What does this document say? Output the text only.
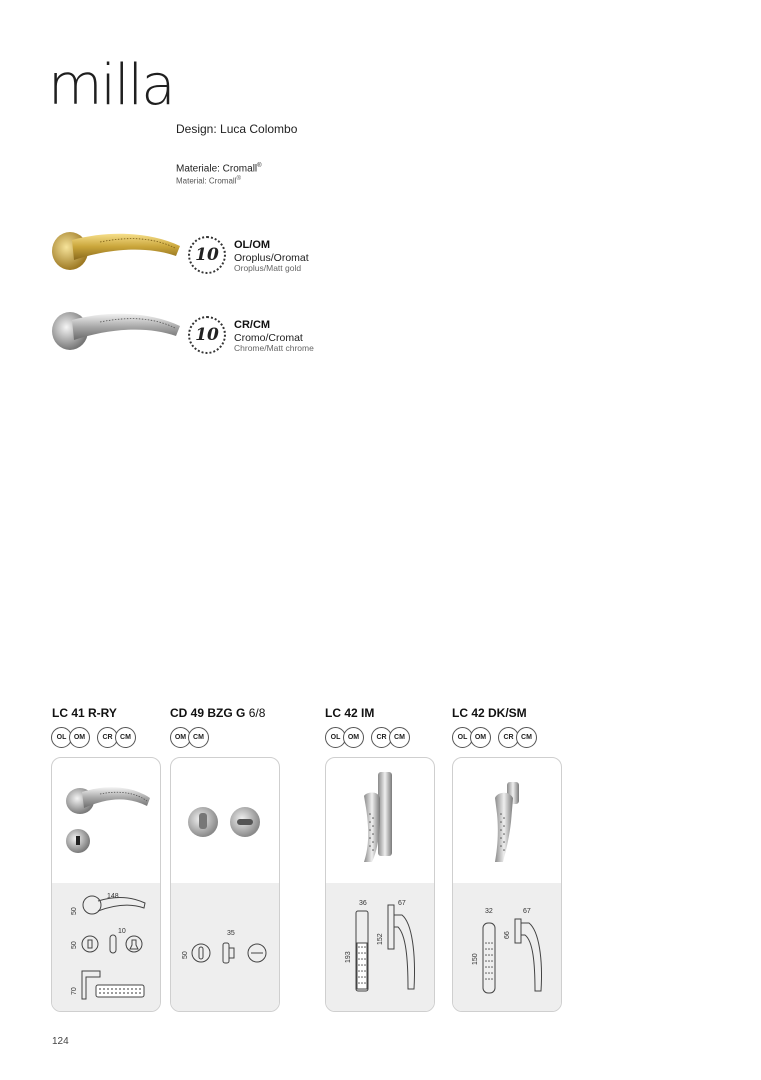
milla
Design: Luca Colombo
Materiale: Cromall®
Material: Cromall®
10 OL/OM
Oroplus/Oromat
Oroplus/Matt gold
10 CR/CM
Cromo/Cromat
Chrome/Matt chrome
LC 41 R-RY	CD 49 BZG G 6/8	LC 42 IM	LC 42 DK/SM
OL	OM	CR	CM	OM CM	OL	OM	CR	CM	OL	OM	CR	CM
148
50
50
10
70
35
50
36	67
193
152
32	67
66
150
124
